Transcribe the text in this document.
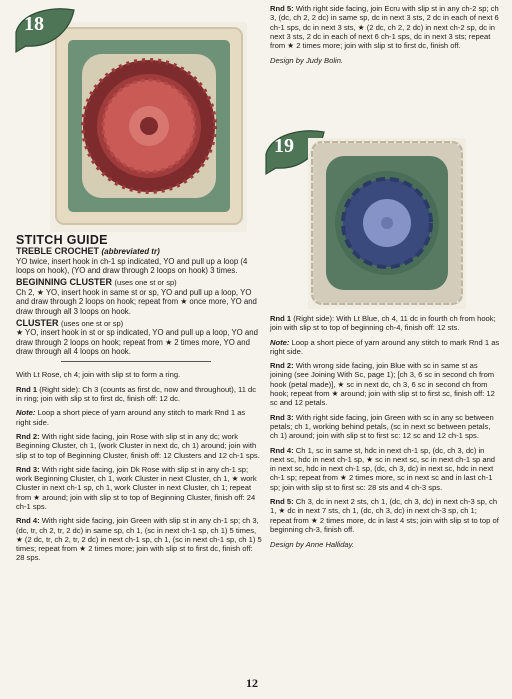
18
19

Rnd 5: With right side facing, join Ecru with slip st in any ch-2 sp; ch 3, (dc, ch 2, 2 dc) in same sp, dc in next 3 sts, 2 dc in each of next 6 ch-1 sps, dc in next 3 sts, ★ (2 dc, ch 2, 2 dc) in next ch-2 sp, dc in next 3 sts, 2 dc in each of next 6 ch-1 sps, dc in next 3 sts; repeat from ★ 2 times more; join with slip st to first dc, finish off.

Design by Judy Bolin.

STITCH GUIDE
TREBLE CROCHET (abbreviated tr)

YO twice, insert hook in ch-1 sp indicated, YO and pull up a loop (4 loops on hook), (YO and draw through 2 loops on hook) 3 times.

BEGINNING CLUSTER (uses one st or sp)

Ch 2, ★ YO, insert hook in same st or sp, YO and pull up a loop, YO and draw through 2 loops on hook; repeat from ★ once more, YO and draw through all 3 loops on hook.

CLUSTER (uses one st or sp)

★ YO, insert hook in st or sp indicated, YO and pull up a loop, YO and draw through 2 loops on hook; repeat from ★ 2 times more, YO and draw through all 4 loops on hook.

With Lt Rose, ch 4; join with slip st to form a ring.

Rnd 1 (Right side): Ch 3 (counts as first dc, now and throughout), 11 dc in ring; join with slip st to first dc, finish off: 12 dc.

Note: Loop a short piece of yarn around any stitch to mark Rnd 1 as right side.

Rnd 2: With right side facing, join Rose with slip st in any dc; work Beginning Cluster, ch 1, (work Cluster in next dc, ch 1) around; join with slip st to top of Beginning Cluster, finish off: 12 Clusters and 12 ch-1 sps.

Rnd 3: With right side facing, join Dk Rose with slip st in any ch-1 sp; work Beginning Cluster, ch 1, work Cluster in next Cluster, ch 1, ★ work Cluster in next ch-1 sp, ch 1, work Cluster in next Cluster, ch 1; repeat from ★ around; join with slip st to top of Beginning Cluster, finish off: 24 ch-1 sps.

Rnd 4: With right side facing, join Green with slip st in any ch-1 sp; ch 3, (dc, tr, ch 2, tr, 2 dc) in same sp, ch 1, (sc in next ch-1 sp, ch 1) 5 times, ★ (2 dc, tr, ch 2, tr, 2 dc) in next ch-1 sp, ch 1, (sc in next ch-1 sp, ch 1) 5 times; repeat from ★ 2 times more; join with slip st to first dc, finish off: 28 sps.

Rnd 1 (Right side): With Lt Blue, ch 4, 11 dc in fourth ch from hook; join with slip st to top of beginning ch-4, finish off: 12 sts.

Note: Loop a short piece of yarn around any stitch to mark Rnd 1 as right side.

Rnd 2: With wrong side facing, join Blue with sc in same st as joining (see Joining With Sc, page 1); [ch 3, 6 sc in second ch from hook (petal made)], ★ sc in next dc, ch 3, 6 sc in second ch from hook; repeat from ★ around; join with slip st to first sc, finish off: 12 sc and 12 petals.

Rnd 3: With right side facing, join Green with sc in any sc between petals; ch 1, working behind petals, (sc in next sc between petals, ch 1) around; join with slip st to first sc: 12 sc and 12 ch-1 sps.

Rnd 4: Ch 1, sc in same st, hdc in next ch-1 sp, (dc, ch 3, dc) in next sc, hdc in next ch-1 sp, ★ sc in next sc, sc in next ch-1 sp and in next sc, hdc in next ch-1 sp, (dc, ch 3, dc) in next sc, hdc in next ch-1 sp; repeat from ★ 2 times more, sc in next sc and in last ch-1 sp; join with slip st to first sc: 28 sts and 4 ch-3 sps.

Rnd 5: Ch 3, dc in next 2 sts, ch 1, (dc, ch 3, dc) in next ch-3 sp, ch 1, ★ dc in next 7 sts, ch 1, (dc, ch 3, dc) in next ch-3 sp, ch 1; repeat from ★ 2 times more, dc in last 4 sts; join with slip st to top of beginning ch-3, finish off.

Design by Anne Halliday.

12
